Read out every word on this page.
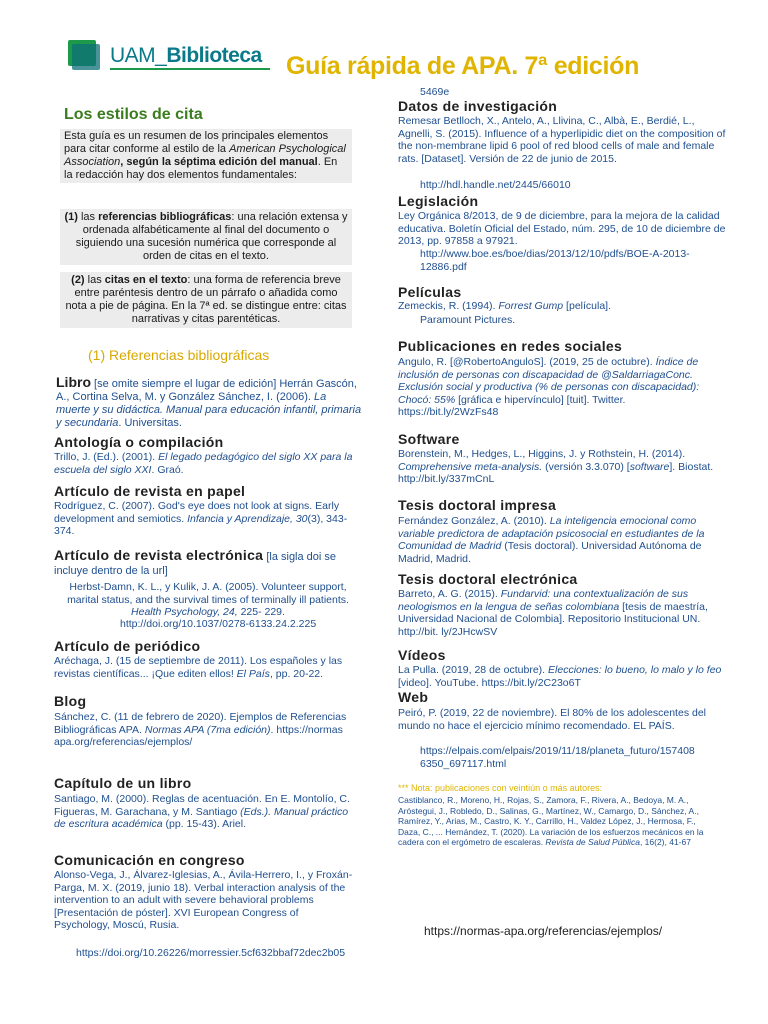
UAM_Biblioteca Guía rápida de APA. 7ª edición
Los estilos de cita
Esta guía es un resumen de los principales elementos para citar conforme al estilo de la American Psychological Association, según la séptima edición del manual. En la redacción hay dos elementos fundamentales:
(1) las referencias bibliográficas: una relación extensa y ordenada alfabéticamente al final del documento o siguiendo una sucesión numérica que corresponde al orden de citas en el texto.
(2) las citas en el texto: una forma de referencia breve entre paréntesis dentro de un párrafo o añadida como nota a pie de página. En la 7ª ed. se distingue entre: citas narrativas y citas parentéticas.
(1) Referencias bibliográficas
Libro [se omite siempre el lugar de edición] Herrán Gascón, A., Cortina Selva, M. y González Sánchez, I. (2006). La muerte y su didáctica. Manual para educación infantil, primaria y secundaria. Universitas.
Antología o compilación
Trillo, J. (Ed.). (2001). El legado pedagógico del siglo XX para la escuela del siglo XXI. Graó.
Artículo de revista en papel
Rodríguez, C. (2007). God's eye does not look at signs. Early development and semiotics. Infancia y Aprendizaje, 30(3), 343-374.
Artículo de revista electrónica [la sigla doi se incluye dentro de la url]
Herbst-Damn, K. L., y Kulik, J. A. (2005). Volunteer support, marital status, and the survival times of terminally ill patients. Health Psychology, 24, 225- 229.
http://doi.org/10.1037/0278-6133.24.2.225
Artículo de periódico
Aréchaga, J. (15 de septiembre de 2011). Los españoles y las revistas científicas... ¡Que editen ellos! El País, pp. 20-22.
Blog
Sánchez, C. (11 de febrero de 2020). Ejemplos de Referencias Bibliográficas APA. Normas APA (7ma edición). https://normas apa.org/referencias/ejemplos/
Capítulo de un libro
Santiago, M. (2000). Reglas de acentuación. En E. Montolío, C. Figueras, M. Garachana, y M. Santiago (Eds.). Manual práctico de escritura académica (pp. 15-43). Ariel.
Comunicación en congreso
Alonso-Vega, J., Álvarez-Iglesias, A., Ávila-Herrero, I., y Froxán-Parga, M. X. (2019, junio 18). Verbal interaction analysis of the intervention to an adult with severe behavioral problems [Presentación de póster]. XVI European Congress of Psychology, Moscú, Rusia.
https://doi.org/10.26226/morressier.5cf632bbaf72dec2b05
5469e
Datos de investigación
Remesar Betlloch, X., Antelo, A., Llivina, C., Albà, E., Berdié, L., Agnelli, S. (2015). Influence of a hyperlipidic diet on the composition of the non-membrane lipid 6 pool of red blood cells of male and female rats. [Dataset]. Versión de 22 de junio de 2015.
http://hdl.handle.net/2445/66010
Legislación
Ley Orgánica 8/2013, de 9 de diciembre, para la mejora de la calidad educativa. Boletín Oficial del Estado, núm. 295, de 10 de diciembre de 2013, pp. 97858 a 97921.
http://www.boe.es/boe/dias/2013/12/10/pdfs/BOE-A-2013-12886.pdf
Películas
Zemeckis, R. (1994). Forrest Gump [película].
Paramount Pictures.
Publicaciones en redes sociales
Angulo, R. [@RobertoAnguloS]. (2019, 25 de octubre). Índice de inclusión de personas con discapacidad de @SaldarriagaConc. Exclusión social y productiva (% de personas con discapacidad): Chocó: 55% [gráfica e hipervínculo] [tuit]. Twitter. https://bit.ly/2WzFs48
Software
Borenstein, M., Hedges, L., Higgins, J. y Rothstein, H. (2014). Comprehensive meta-analysis. (versión 3.3.070) [software]. Biostat. http://bit.ly/337mCnL
Tesis doctoral impresa
Fernández González, A. (2010). La inteligencia emocional como variable predictora de adaptación psicosocial en estudiantes de la Comunidad de Madrid (Tesis doctoral). Universidad Autónoma de Madrid, Madrid.
Tesis doctoral electrónica
Barreto, A. G. (2015). Fundarvid: una contextualización de sus neologismos en la lengua de señas colombiana [tesis de maestría, Universidad Nacional de Colombia]. Repositorio Institucional UN. http://bit. ly/2JHcwSV
Vídeos
La Pulla. (2019, 28 de octubre). Elecciones: lo bueno, lo malo y lo feo [video]. YouTube. https://bit.ly/2C23o6T
Web
Peiró, P. (2019, 22 de noviembre). El 80% de los adolescentes del mundo no hace el ejercicio mínimo recomendado. EL PAÍS.
https://elpais.com/elpais/2019/11/18/planeta_futuro/157408 6350_697117.html
*** Nota: publicaciones con veintiún o más autores:
Castiblanco, R., Moreno, H., Rojas, S., Zamora, F., Rivera, A., Bedoya, M. A., Aróstegui, J., Robledo, D., Salinas, G., Martínez, W., Camargo, D., Sánchez, A., Ramírez, Y., Arias, M., Castro, K. Y., Carrillo, H., Valdez López, J., Hermosa, F., Daza, C., ... Hernández, T. (2020). La variación de los esfuerzos mecánicos en la cadera con el ergómetro de escaleras. Revista de Salud Pública, 16(2), 41-67
https://normas-apa.org/referencias/ejemplos/
